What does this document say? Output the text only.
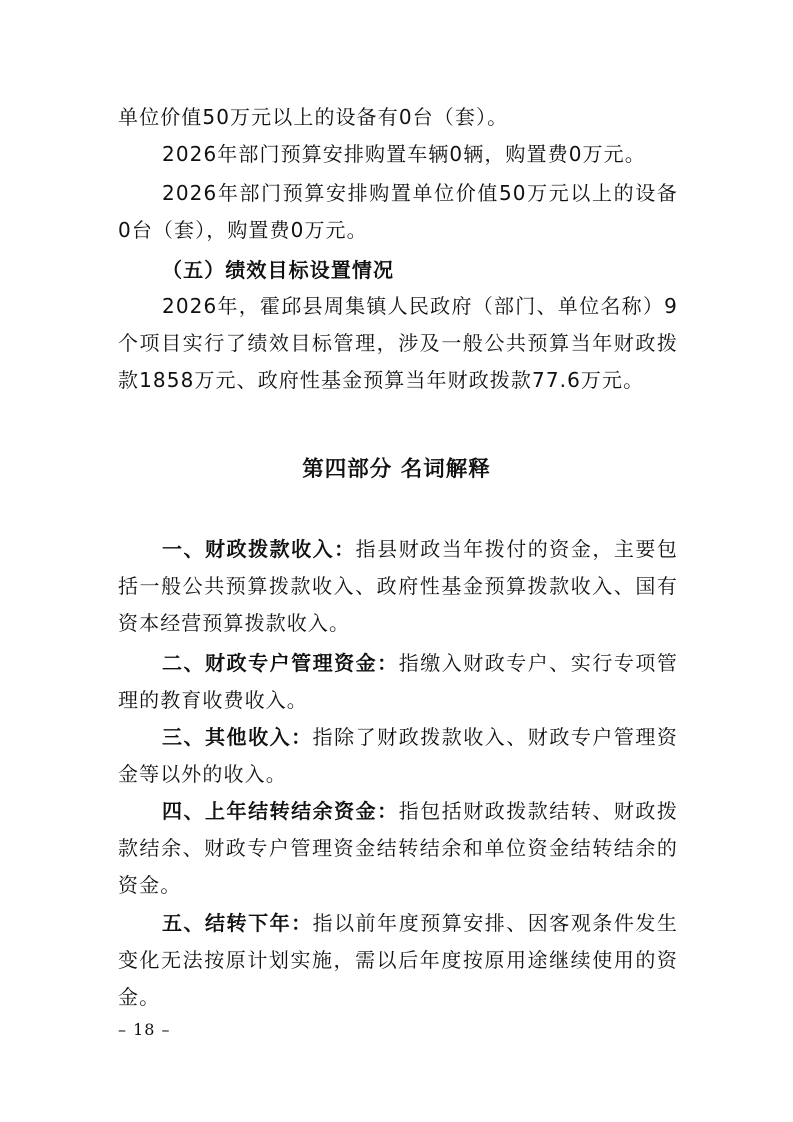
单位价值50万元以上的设备有0台（套）。

2026年部门预算安排购置车辆0辆，购置费0万元。

2026年部门预算安排购置单位价值50万元以上的设备0台（套），购置费0万元。

（五）绩效目标设置情况

2026年，霍邱县周集镇人民政府（部门、单位名称）9个项目实行了绩效目标管理，涉及一般公共预算当年财政拨款1858万元、政府性基金预算当年财政拨款77.6万元。

第四部分 名词解释

一、财政拨款收入：指县财政当年拨付的资金，主要包括一般公共预算拨款收入、政府性基金预算拨款收入、国有资本经营预算拨款收入。

二、财政专户管理资金：指缴入财政专户、实行专项管理的教育收费收入。

三、其他收入：指除了财政拨款收入、财政专户管理资金等以外的收入。

四、上年结转结余资金：指包括财政拨款结转、财政拨款结余、财政专户管理资金结转结余和单位资金结转结余的资金。

五、结转下年：指以前年度预算安排、因客观条件发生变化无法按原计划实施，需以后年度按原用途继续使用的资金。

– 18 –
